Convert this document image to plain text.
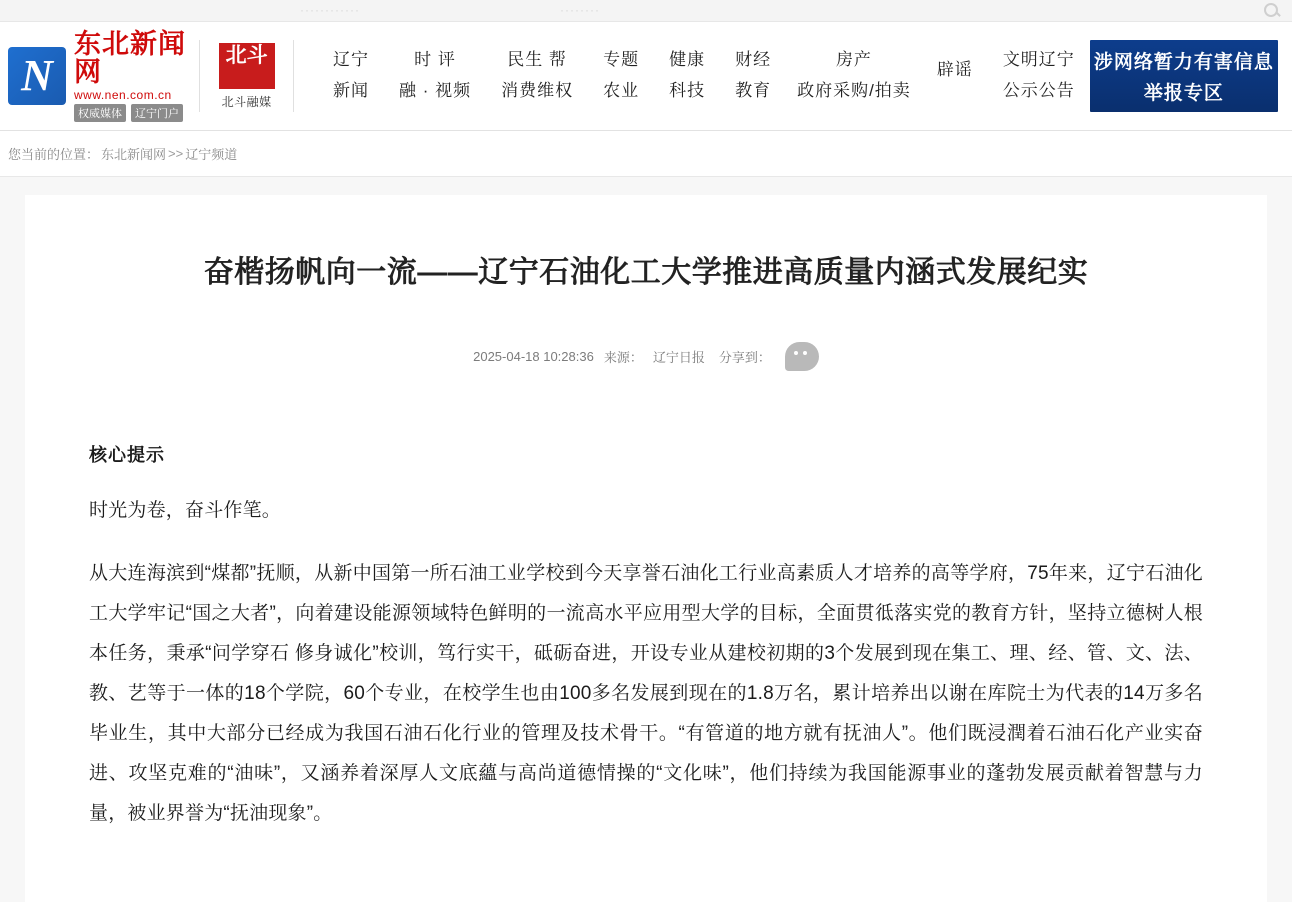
············	········
N
东北新闻网
www.nen.com.cn
权威媒体	辽宁门户
北斗
北斗融媒
辽宁
新闻
时 评
融 · 视频
民生 帮
消费维权
专题
农业
健康
科技
财经
教育
房产
政府采购/拍卖
辟谣 文明辽宁
公示公告
涉网络暂力有害信息
举报专区
您当前的位置： 东北新闻网 >> 辽宁频道
奋楷扬帆向一流——辽宁石油化工大学推进高质量内涵式发展纪实
2025-04-18 10:28:36 来源： 辽宁日报 分享到：
核心提示

时光为卷，奋斗作笔。

从大连海滨到“煤都”抚顺，从新中国第一所石油工业学校到今天享誉石油化工行业高素质人才培养的高等学府，75年来，辽宁石油化工大学牢记“国之大者”，向着建设能源领域特色鲜明的一流高水平应用型大学的目标，全面贯彽落实党的教育方针，坚持立德树人根本任务，秉承“问学穿石 修身诚化”校训，笃行实干，砥砺奋进，开设专业从建校初期的3个发展到现在集工、理、经、管、文、法、教、艺等于一体的18个学院，60个专业，在校学生也由100多名发展到现在的1.8万名，累计培养出以谢在库院士为代表的14万多名毕业生，其中大部分已经成为我国石油石化行业的管理及技术骨干。“有管道的地方就有抚油人”。他们既浸潤着石油石化产业实奋进、攻坚克难的“油味”，又涵养着深厚人文底蘊与高尚道德情操的“文化味”，他们持续为我国能源事业的蓬勃发展贡献着智慧与力量，被业界誉为“抚油现象”。
